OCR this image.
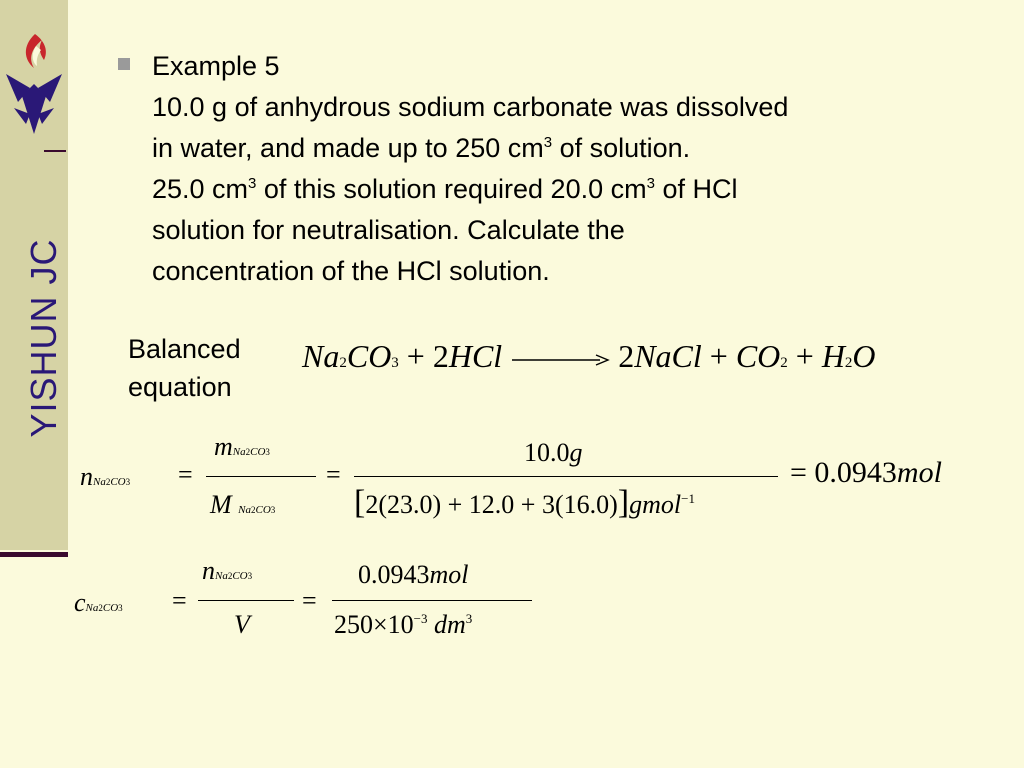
YISHUN JC

Example 5

10.0 g of anhydrous sodium carbonate was dissolved

in water, and made up to 250 $cm^3$ of solution.

25.0 $cm^3$ of this solution required 20.0 $cm^3$ of HCl

solution for neutralisation. Calculate the

concentration of the HCl solution.

Balanced
equation
Na2CO3 + 2HCl → 2NaCl + CO2 + H2O
nNa2CO3 =
mNa2CO3
M Na2CO3
=
10.0g
[2(23.0) + 12.0 + 3(16.0)]gmol$^{-1}$
= 0.0943mol
cNa2CO3 =
nNa2CO3
V
=
0.0943mol
$250\times 10^{-3}$ $dm^3$
